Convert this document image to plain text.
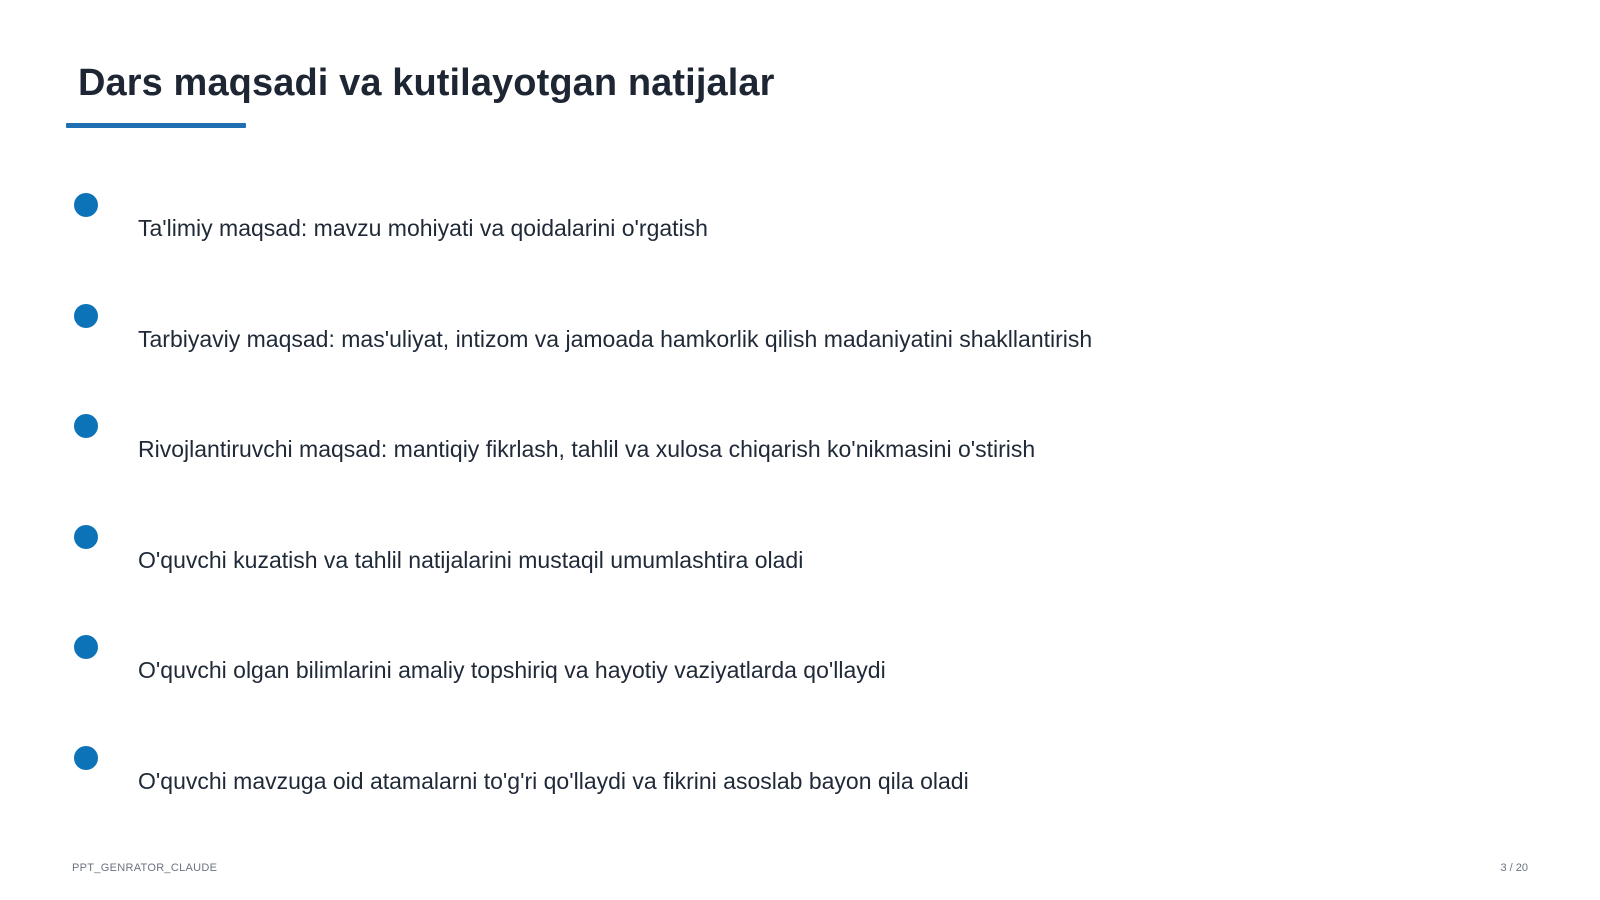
Dars maqsadi va kutilayotgan natijalar
Ta'limiy maqsad: mavzu mohiyati va qoidalarini o'rgatish
Tarbiyaviy maqsad: mas'uliyat, intizom va jamoada hamkorlik qilish madaniyatini shakllantirish
Rivojlantiruvchi maqsad: mantiqiy fikrlash, tahlil va xulosa chiqarish ko'nikmasini o'stirish
O'quvchi kuzatish va tahlil natijalarini mustaqil umumlashtira oladi
O'quvchi olgan bilimlarini amaliy topshiriq va hayotiy vaziyatlarda qo'llaydi
O'quvchi mavzuga oid atamalarni to'g'ri qo'llaydi va fikrini asoslab bayon qila oladi
PPT_GENRATOR_CLAUDE	3 / 20
